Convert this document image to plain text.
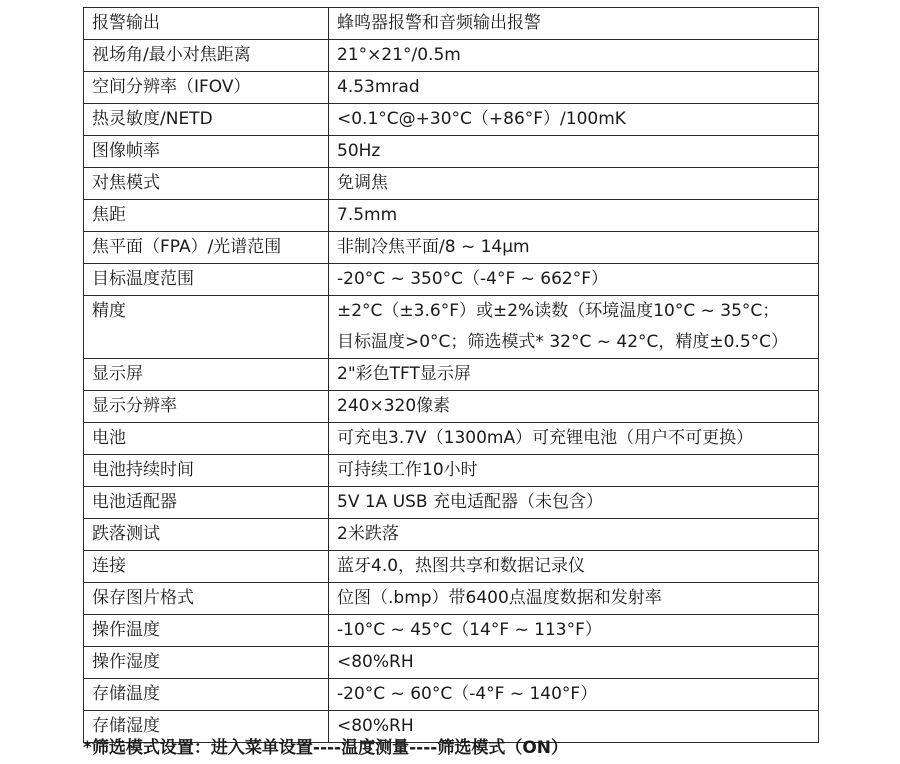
报警输出	蜂鸣器报警和音频输出报警
视场角/最小对焦距离	21°×21°/0.5m
空间分辨率（IFOV）	4.53mrad
热灵敏度/NETD	<0.1°C@+30°C（+86°F）/100mK
图像帧率	50Hz
对焦模式	免调焦
焦距	7.5mm
焦平面（FPA）/光谱范围	非制冷焦平面/8 ~ 14μm
目标温度范围	-20°C ~ 350°C（-4°F ~ 662°F）
精度	±2°C（±3.6°F）或±2%读数（环境温度10°C ~ 35°C；
目标温度>0°C；筛选模式* 32°C ~ 42°C，精度±0.5°C）

显示屏	2"彩色TFT显示屏
显示分辨率	240×320像素
电池	可充电3.7V（1300mA）可充锂电池（用户不可更换）
电池持续时间	可持续工作10小时
电池适配器	5V 1A USB 充电适配器（未包含）
跌落测试	2米跌落
连接	蓝牙4.0，热图共享和数据记录仪
保存图片格式	位图（.bmp）带6400点温度数据和发射率
操作温度	-10°C ~ 45°C（14°F ~ 113°F）
操作湿度	<80%RH
存储温度	-20°C ~ 60°C（-4°F ~ 140°F）
存储湿度	<80%RH
*筛选模式设置：进入菜单设置----温度测量----筛选模式（ON）
